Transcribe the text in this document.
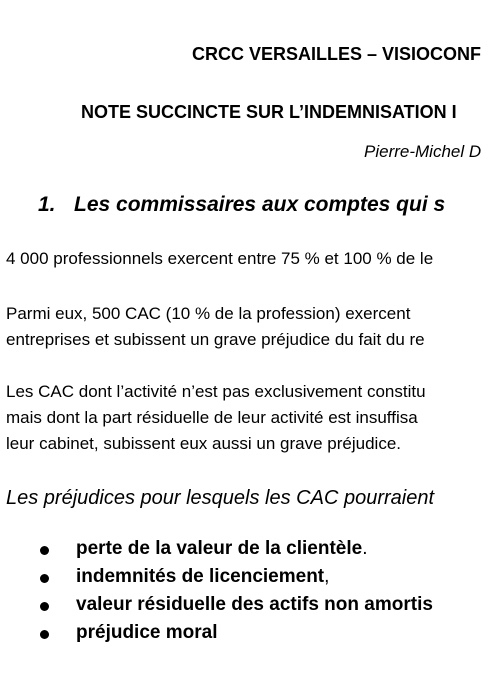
CRCC VERSAILLES – VISIOCONF
NOTE SUCCINCTE SUR L’INDEMNISATION I
Pierre-Michel D
1. Les commissaires aux comptes qui s
4 000 professionnels exercent entre 75 % et 100 % de le
Parmi eux, 500 CAC (10 % de la profession) exercent
entreprises et subissent un grave préjudice du fait du re
Les CAC dont l’activité n’est pas exclusivement constitu
mais dont la part résiduelle de leur activité est insuffisa
leur cabinet, subissent eux aussi un grave préjudice.
Les préjudices pour lesquels les CAC pourraient
perte de la valeur de la clientèle.
indemnités de licenciement,
valeur résiduelle des actifs non amortis
préjudice moral
